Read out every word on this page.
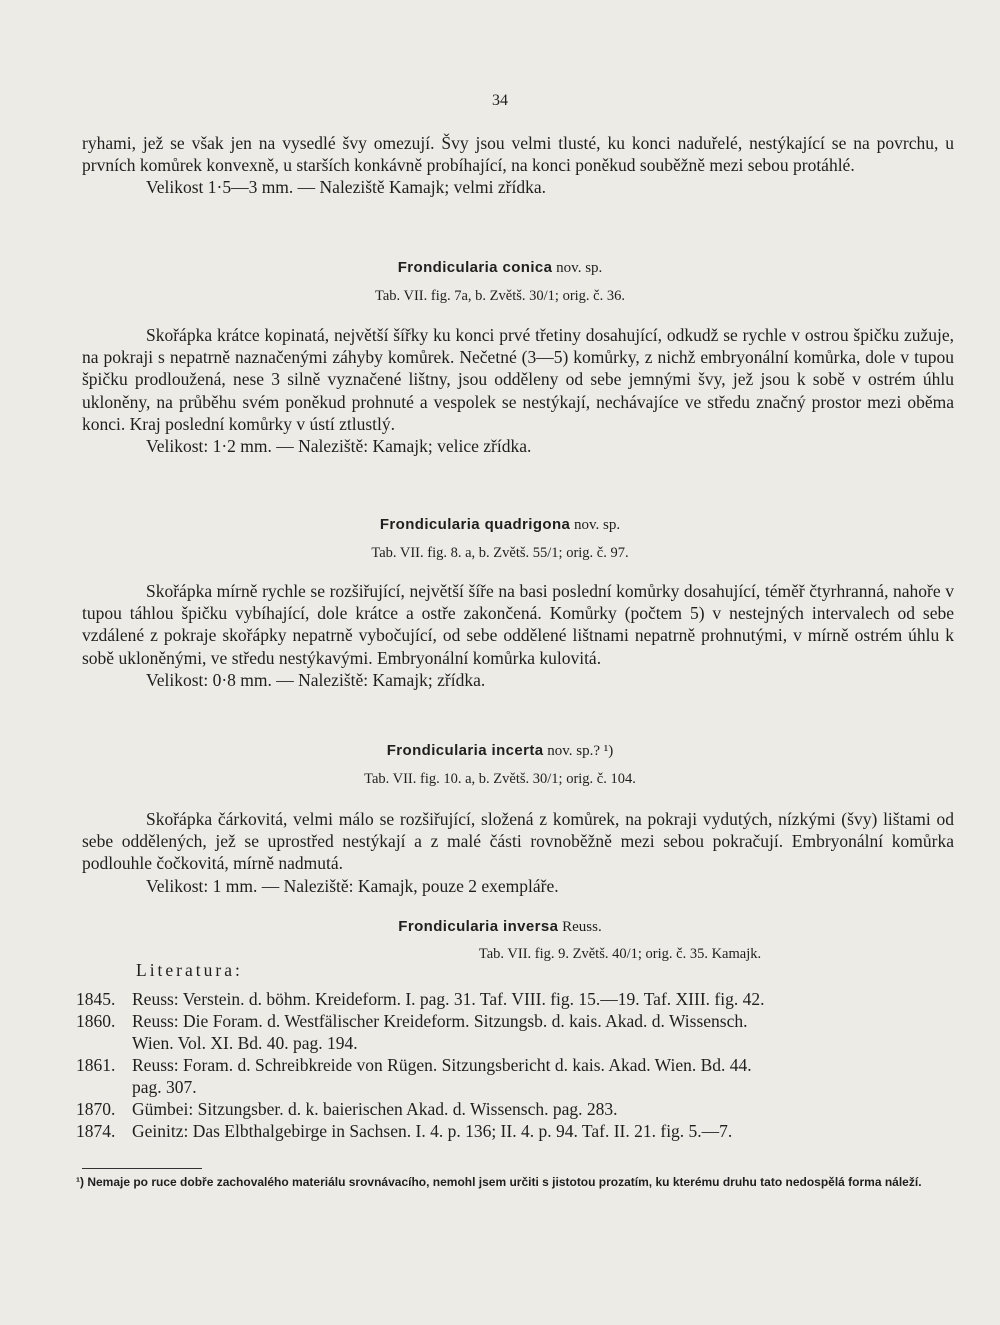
34

ryhami, jež se však jen na vysedlé švy omezují. Švy jsou velmi tlusté, ku konci naduřelé, nestýkající se na povrchu, u prvních komůrek konvexně, u starších konkávně probíhající, na konci poněkud souběžně mezi sebou protáhlé.

Velikost 1·5—3 mm. — Naleziště Kamajk; velmi zřídka.

Frondicularia conica nov. sp.
Tab. VII. fig. 7a, b. Zvětš. 30/1; orig. č. 36.

Skořápka krátce kopinatá, největší šířky ku konci prvé třetiny dosahující, odkudž se rychle v ostrou špičku zužuje, na pokraji s nepatrně naznačenými záhyby komůrek. Nečetné (3—5) komůrky, z nichž embryonální komůrka, dole v tupou špičku prodloužená, nese 3 silně vyznačené lištny, jsou odděleny od sebe jemnými švy, jež jsou k sobě v ostrém úhlu ukloněny, na průběhu svém poněkud prohnuté a vespolek se nestýkají, nechávajíce ve středu značný prostor mezi oběma konci. Kraj poslední komůrky v ústí ztlustlý.

Velikost: 1·2 mm. — Naleziště: Kamajk; velice zřídka.

Frondicularia quadrigona nov. sp.
Tab. VII. fig. 8. a, b. Zvětš. 55/1; orig. č. 97.

Skořápka mírně rychle se rozšiřující, největší šíře na basi poslední komůrky dosahující, téměř čtyrhranná, nahoře v tupou táhlou špičku vybíhající, dole krátce a ostře zakončená. Komůrky (počtem 5) v nestejných intervalech od sebe vzdálené z pokraje skořápky nepatrně vybočující, od sebe oddělené lištnami nepatrně prohnutými, v mírně ostrém úhlu k sobě ukloněnými, ve středu nestýkavými. Embryonální komůrka kulovitá.

Velikost: 0·8 mm. — Naleziště: Kamajk; zřídka.

Frondicularia incerta nov. sp.? ¹)
Tab. VII. fig. 10. a, b. Zvětš. 30/1; orig. č. 104.

Skořápka čárkovitá, velmi málo se rozšiřující, složená z komůrek, na pokraji vydutých, nízkými (švy) lištami od sebe oddělených, jež se uprostřed nestýkají a z malé části rovnoběžně mezi sebou pokračují. Embryonální komůrka podlouhle čočkovitá, mírně nadmutá.

Velikost: 1 mm. — Naleziště: Kamajk, pouze 2 exempláře.

Frondicularia inversa Reuss.
Tab. VII. fig. 9. Zvětš. 40/1; orig. č. 35. Kamajk.
Literatura:
1845. Reuss: Verstein. d. böhm. Kreideform. I. pag. 31. Taf. VIII. fig. 15.—19. Taf. XIII. fig. 42.
1860. Reuss: Die Foram. d. Westfälischer Kreideform. Sitzungsb. d. kais. Akad. d. Wissensch.
Wien. Vol. XI. Bd. 40. pag. 194.
1861. Reuss: Foram. d. Schreibkreide von Rügen. Sitzungsbericht d. kais. Akad. Wien. Bd. 44.
pag. 307.
1870. Gümbei: Sitzungsber. d. k. baierischen Akad. d. Wissensch. pag. 283.
1874. Geinitz: Das Elbthalgebirge in Sachsen. I. 4. p. 136; II. 4. p. 94. Taf. II. 21. fig. 5.—7.
¹) Nemaje po ruce dobře zachovalého materiálu srovnávacího, nemohl jsem určiti s jistotou prozatím, ku kterému druhu tato nedospělá forma náleží.
